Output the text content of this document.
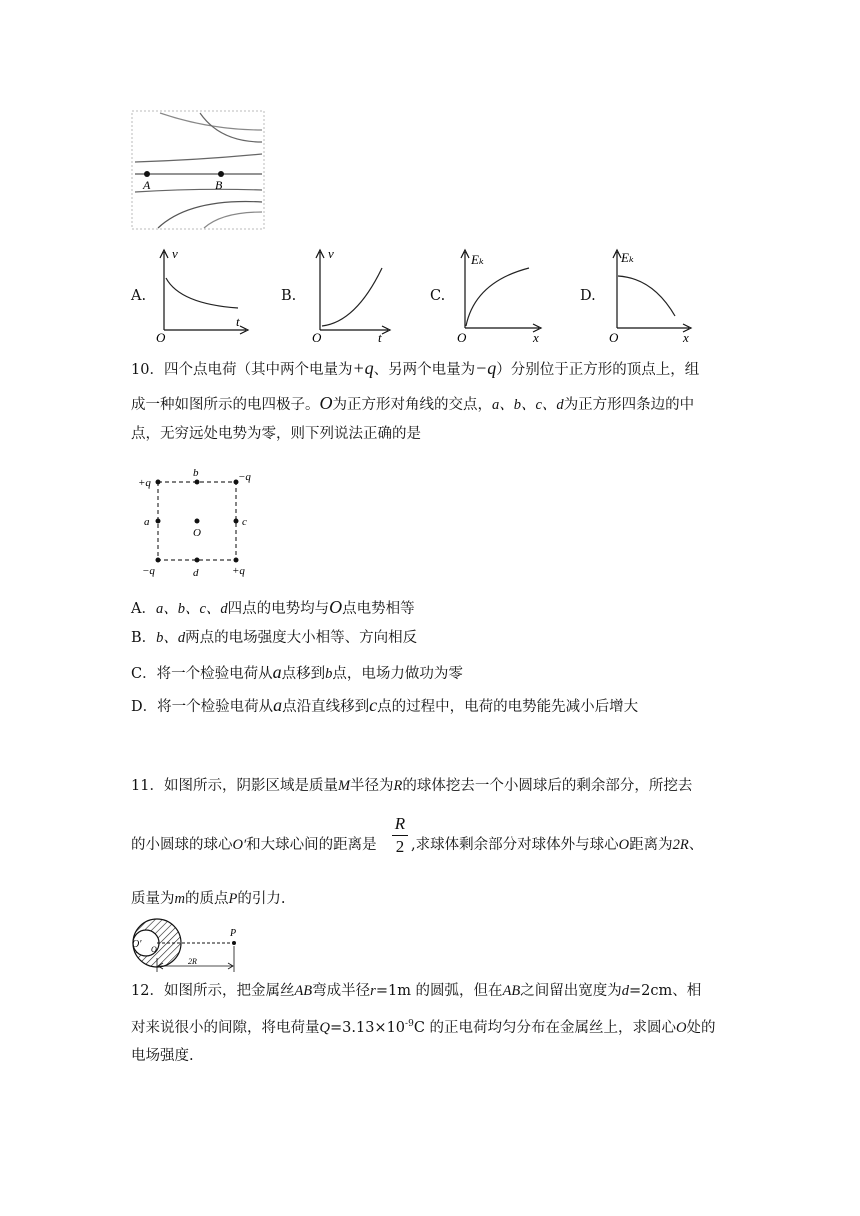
A	B
A.
v
t
O
B.
v
t
O
C.
Eₖ
x
O
D.
Eₖ
x
O
10．四个点电荷（其中两个电量为+q、另两个电量为−q）分别位于正方形的顶点上，组
成一种如图所示的电四极子。O为正方形对角线的交点，a、b、c、d为正方形四条边的中
点，无穷远处电势为零，则下列说法正确的是
+q	−q
−q	+q
b
d
a	c
O
A．a、b、c、d四点的电势均与O点电势相等
B．b、d两点的电场强度大小相等、方向相反
C．将一个检验电荷从a点移到b点，电场力做功为零
D．将一个检验电荷从a点沿直线移到c点的过程中，电荷的电势能先减小后增大
11．如图所示，阴影区域是质量M半径为R的球体挖去一个小圆球后的剩余部分，所挖去
的小圆球的球心O′和大球心间的距离是
R
2 ,求球体剩余部分对球体外与球心O距离为2R、
质量为m的质点P的引力.
O′ O
P
2R
12．如图所示，把金属丝AB弯成半径r=1m 的圆弧，但在AB之间留出宽度为d=2cm、相
对来说很小的间隙，将电荷量$Q=3.13\times 10^{-9}C$ 的正电荷均匀分布在金属丝上，求圆心O处的
电场强度.
